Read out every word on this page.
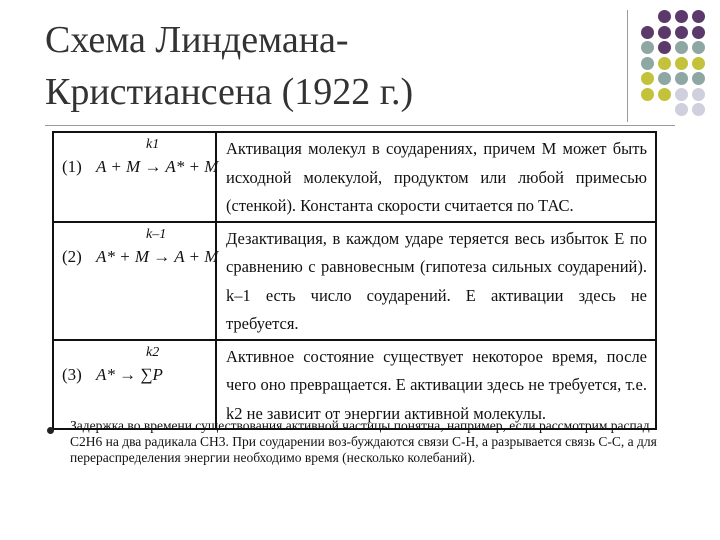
Схема Линдемана-
Кристиансена (1922 г.)
(1)
k1
A + M → A* + M	Активация молекул в соударениях, причем M может быть исходной молекулой, продуктом или любой примесью (стенкой). Константа скорости считается по ТАС.

(2)
k–1
A* + M → A + M	Дезактивация, в каждом ударе теряется весь избыток E по сравнению с равновесным (гипотеза сильных соударений). k–1 есть число соударений. E активации здесь не требуется.

(3)
k2
A* → ∑P	Активное состояние существует некоторое время, после чего оно превращается. E активации здесь не требуется, т.е. k2 не зависит от энергии активной молекулы.
Задержка во времени существования активной частицы понятна, например, если рассмотрим распад C2H6 на два радикала CH3. При соударении воз-буждаются связи C-H, а разрывается связь C-C, а для перераспределения энергии необходимо время (несколько колебаний).
